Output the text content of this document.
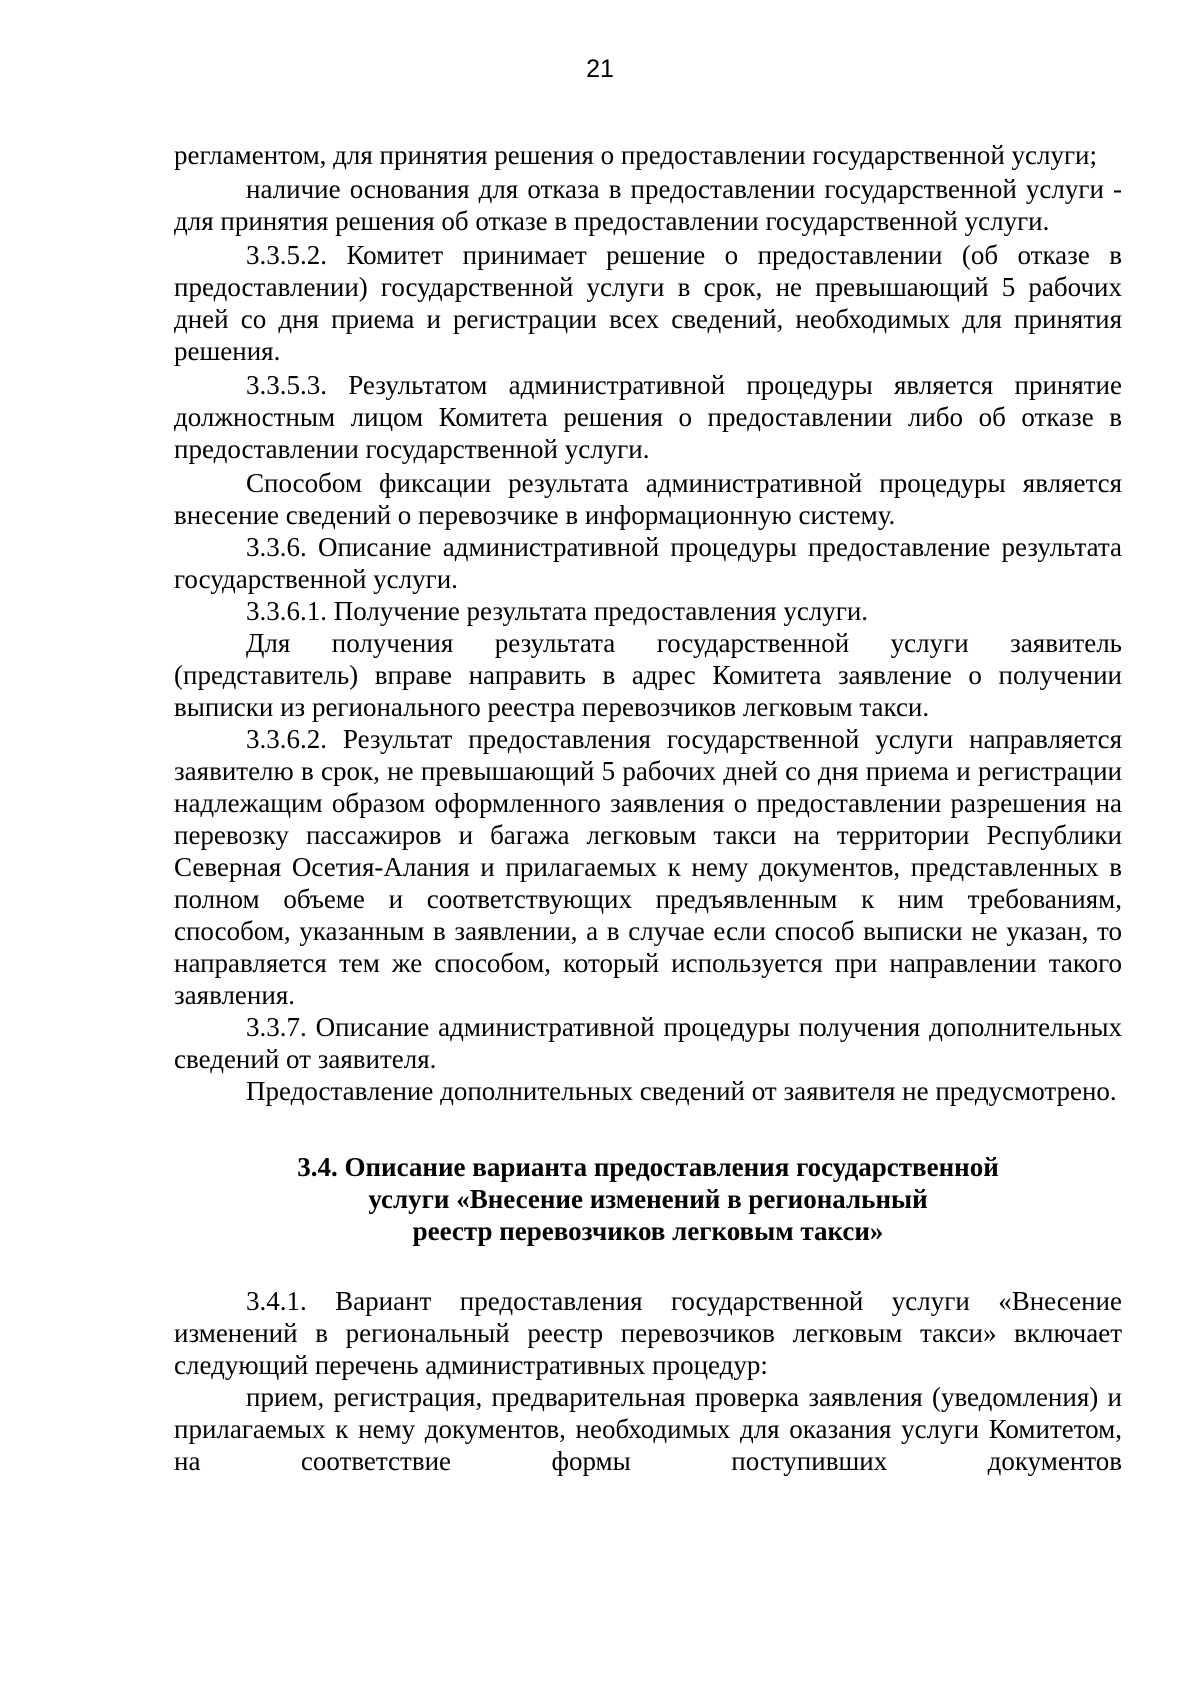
21

регламентом, для принятия решения о предоставлении государственной услуги;

наличие основания для отказа в предоставлении государственной услуги - для принятия решения об отказе в предоставлении государственной услуги.

3.3.5.2. Комитет принимает решение о предоставлении (об отказе в предоставлении) государственной услуги в срок, не превышающий 5 рабочих дней со дня приема и регистрации всех сведений, необходимых для принятия решения.

3.3.5.3. Результатом административной процедуры является принятие должностным лицом Комитета решения о предоставлении либо об отказе в предоставлении государственной услуги.

Способом фиксации результата административной процедуры является внесение сведений о перевозчике в информационную систему.

3.3.6. Описание административной процедуры предоставление результата государственной услуги.

3.3.6.1. Получение результата предоставления услуги.

Для получения результата государственной услуги заявитель (представитель) вправе направить в адрес Комитета заявление о получении выписки из регионального реестра перевозчиков легковым такси.

3.3.6.2. Результат предоставления государственной услуги направляется заявителю в срок, не превышающий 5 рабочих дней со дня приема и регистрации надлежащим образом оформленного заявления о предоставлении разрешения на перевозку пассажиров и багажа легковым такси на территории Республики Северная Осетия-Алания и прилагаемых к нему документов, представленных в полном объеме и соответствующих предъявленным к ним требованиям, способом, указанным в заявлении, а в случае если способ выписки не указан, то направляется тем же способом, который используется при направлении такого заявления.

3.3.7. Описание административной процедуры получения дополнительных сведений от заявителя.

Предоставление дополнительных сведений от заявителя не предусмотрено.

3.4. Описание варианта предоставления государственной
услуги «Внесение изменений в региональный
реестр перевозчиков легковым такси»

3.4.1. Вариант предоставления государственной услуги «Внесение изменений в региональный реестр перевозчиков легковым такси» включает следующий перечень административных процедур:

прием, регистрация, предварительная проверка заявления (уведомления) и прилагаемых к нему документов, необходимых для оказания услуги Комитетом, на соответствие формы поступивших документов
